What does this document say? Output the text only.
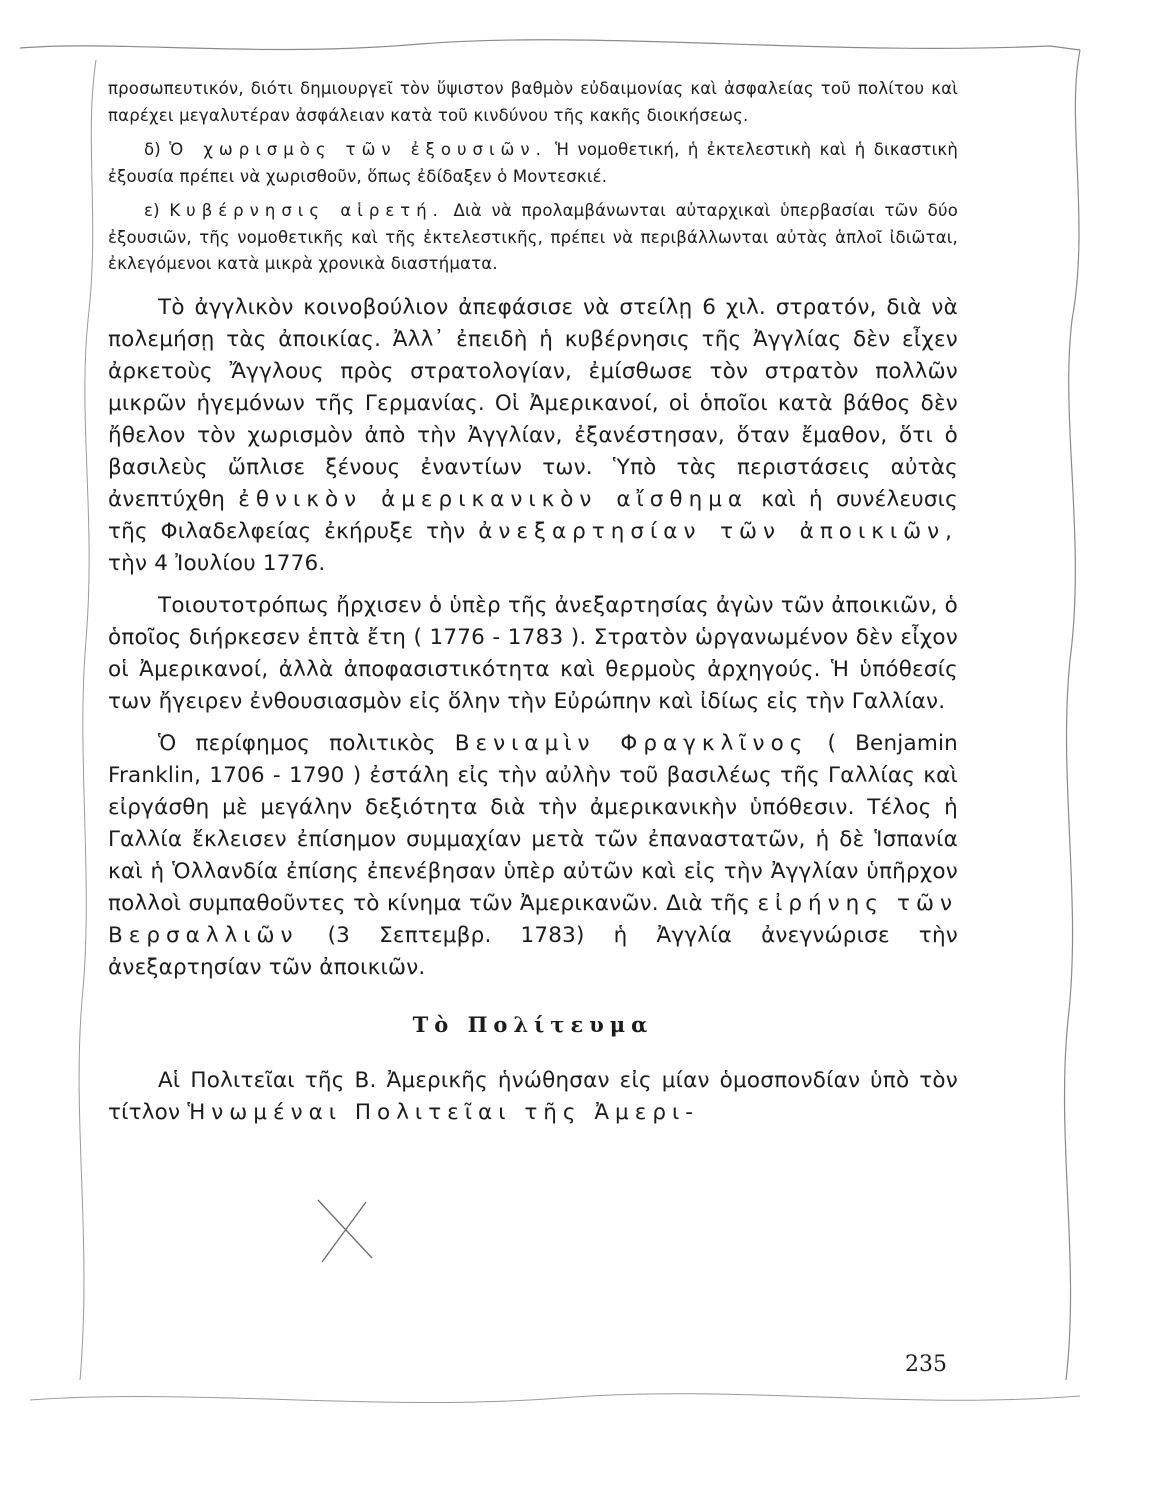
προσωπευτικόν, διότι δημιουργεῖ τὸν ὕψιστον βαθμὸν εὐδαιμονίας καὶ ἀσφαλείας τοῦ πολίτου καὶ παρέχει μεγαλυτέραν ἀσφάλειαν κατὰ τοῦ κινδύνου τῆς κακῆς διοικήσεως.

δ) Ὁ χωρισμὸς τῶν ἐξουσιῶν. Ἡ νομοθετική, ἡ ἐκτελεστικὴ καὶ ἡ δικαστικὴ ἐξουσία πρέπει νὰ χωρισθοῦν, ὅπως ἐδίδαξεν ὁ Μοντεσκιέ.

ε) Κυβέρνησις αἱρετή. Διὰ νὰ προλαμβάνωνται αὐταρχικαὶ ὑπερβασίαι τῶν δύο ἐξουσιῶν, τῆς νομοθετικῆς καὶ τῆς ἐκτελεστικῆς, πρέπει νὰ περιβάλλωνται αὐτὰς ἁπλοῖ ἰδιῶται, ἐκλεγόμενοι κατὰ μικρὰ χρονικὰ διαστήματα.

Τὸ ἀγγλικὸν κοινοβούλιον ἀπεφάσισε νὰ στείλῃ 6 χιλ. στρατόν, διὰ νὰ πολεμήσῃ τὰς ἀποικίας. Ἀλλ᾽ ἐπειδὴ ἡ κυβέρνησις τῆς Ἀγγλίας δὲν εἶχεν ἀρκετοὺς Ἄγγλους πρὸς στρατολογίαν, ἐμίσθωσε τὸν στρατὸν πολλῶν μικρῶν ἡγεμόνων τῆς Γερμανίας. Οἱ Ἀμερικανοί, οἱ ὁποῖοι κατὰ βάθος δὲν ἤθελον τὸν χωρισμὸν ἀπὸ τὴν Ἀγγλίαν, ἐξανέστησαν, ὅταν ἔμαθον, ὅτι ὁ βασιλεὺς ὥπλισε ξένους ἐναντίων των. Ὑπὸ τὰς περιστάσεις αὐτὰς ἀνεπτύχθη ἐθνικὸν ἀμερικανικὸν αἴσθημα καὶ ἡ συνέλευσις τῆς Φιλαδελφείας ἐκήρυξε τὴν ἀνεξαρτησίαν τῶν ἀποικιῶν, τὴν 4 Ἰουλίου 1776.

Τοιουτοτρόπως ἤρχισεν ὁ ὑπὲρ τῆς ἀνεξαρτησίας ἀγὼν τῶν ἀποικιῶν, ὁ ὁποῖος διήρκεσεν ἑπτὰ ἔτη ( 1776 - 1783 ). Στρατὸν ὡργανωμένον δὲν εἶχον οἱ Ἀμερικανοί, ἀλλὰ ἀποφασιστικότητα καὶ θερμοὺς ἀρχηγούς. Ἡ ὑπόθεσίς των ἤγειρεν ἐνθουσιασμὸν εἰς ὅλην τὴν Εὐρώπην καὶ ἰδίως εἰς τὴν Γαλλίαν.

Ὁ περίφημος πολιτικὸς Βενιαμὶν Φραγκλῖνος ( Benjamin Franklin, 1706 - 1790 ) ἐστάλη εἰς τὴν αὐλὴν τοῦ βασιλέως τῆς Γαλλίας καὶ εἰργάσθη μὲ μεγάλην δεξιότητα διὰ τὴν ἀμερικανικὴν ὑπόθεσιν. Τέλος ἡ Γαλλία ἔκλεισεν ἐπίσημον συμμαχίαν μετὰ τῶν ἐπαναστατῶν, ἡ δὲ Ἱσπανία καὶ ἡ Ὁλλανδία ἐπίσης ἐπενέβησαν ὑπὲρ αὐτῶν καὶ εἰς τὴν Ἀγγλίαν ὑπῆρχον πολλοὶ συμπαθοῦντες τὸ κίνημα τῶν Ἀμερικανῶν. Διὰ τῆς εἰρήνης τῶν Βερσαλλιῶν (3 Σεπτεμβρ. 1783) ἡ Ἀγγλία ἀνεγνώρισε τὴν ἀνεξαρτησίαν τῶν ἀποικιῶν.

Τὸ Πολίτευμα

Αἱ Πολιτεῖαι τῆς Β. Ἀμερικῆς ἡνώθησαν εἰς μίαν ὁμοσπονδίαν ὑπὸ τὸν τίτλον Ἡνωμέναι Πολιτεῖαι τῆς Ἀμερι-

235
